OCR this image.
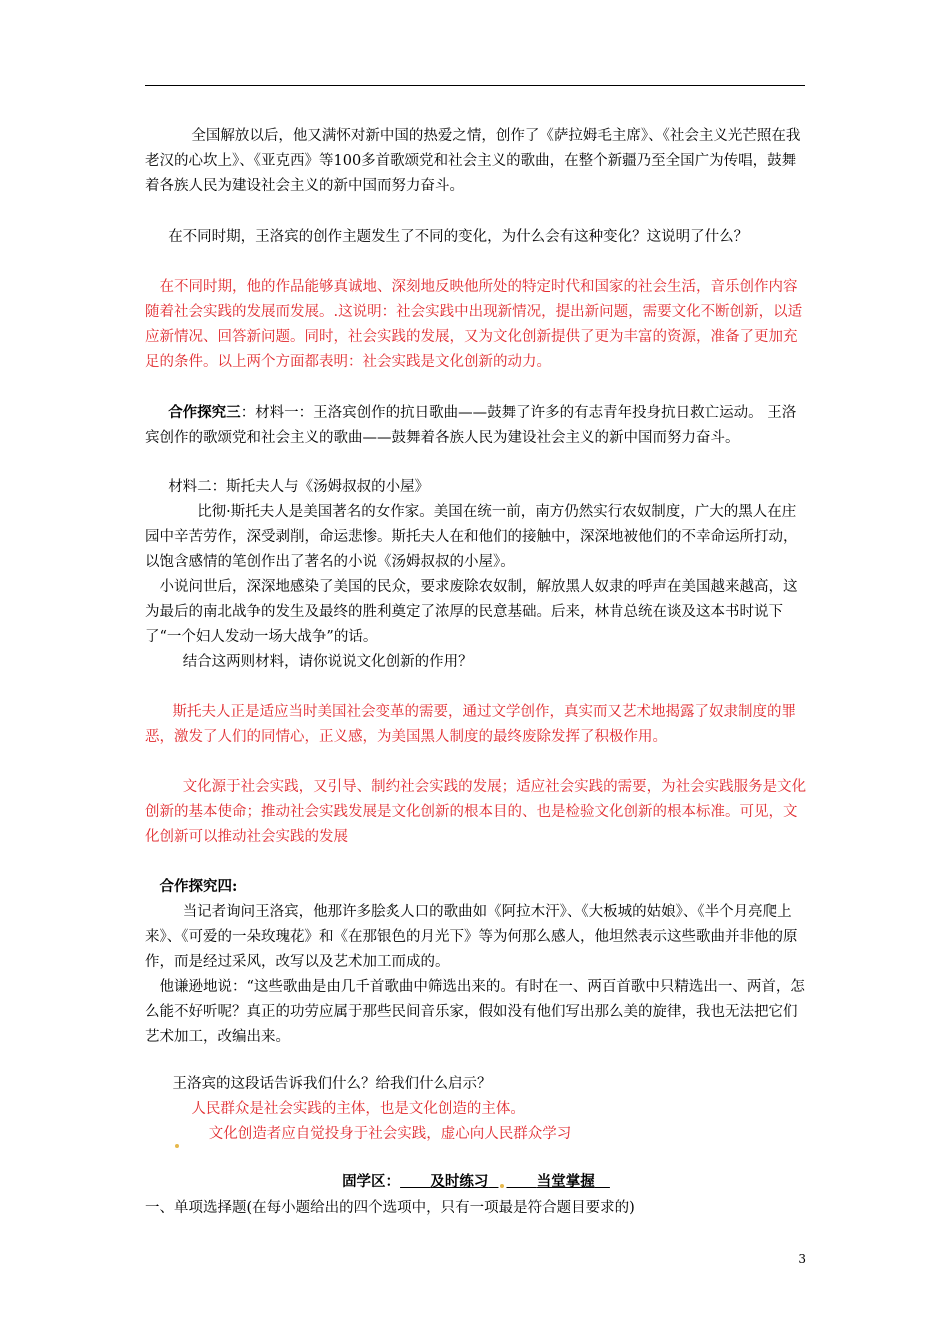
全国解放以后，他又满怀对新中国的热爱之情，创作了《萨拉姆毛主席》、《社会主义光芒照在我老汉的心坎上》、《亚克西》等100多首歌颂党和社会主义的歌曲，在整个新疆乃至全国广为传唱，鼓舞着各族人民为建设社会主义的新中国而努力奋斗。

在不同时期，王洛宾的创作主题发生了不同的变化，为什么会有这种变化？这说明了什么？

在不同时期，他的作品能够真诚地、深刻地反映他所处的特定时代和国家的社会生活，音乐创作内容随着社会实践的发展而发展。.这说明：社会实践中出现新情况，提出新问题，需要文化不断创新，以适应新情况、回答新问题。同时，社会实践的发展，又为文化创新提供了更为丰富的资源，准备了更加充足的条件。以上两个方面都表明：社会实践是文化创新的动力。

合作探究三：材料一：王洛宾创作的抗日歌曲——鼓舞了许多的有志青年投身抗日救亡运动。 王洛宾创作的歌颂党和社会主义的歌曲——鼓舞着各族人民为建设社会主义的新中国而努力奋斗。

材料二：斯托夫人与《汤姆叔叔的小屋》

比彻·斯托夫人是美国著名的女作家。美国在统一前，南方仍然实行农奴制度，广大的黑人在庄园中辛苦劳作，深受剥削，命运悲惨。斯托夫人在和他们的接触中，深深地被他们的不幸命运所打动，以饱含感情的笔创作出了著名的小说《汤姆叔叔的小屋》。

小说问世后，深深地感染了美国的民众，要求废除农奴制，解放黑人奴隶的呼声在美国越来越高，这为最后的南北战争的发生及最终的胜利奠定了浓厚的民意基础。后来，林肯总统在谈及这本书时说下了“一个妇人发动一场大战争”的话。

结合这两则材料，请你说说文化创新的作用？

斯托夫人正是适应当时美国社会变革的需要，通过文学创作，真实而又艺术地揭露了奴隶制度的罪恶，激发了人们的同情心，正义感，为美国黑人制度的最终废除发挥了积极作用。

文化源于社会实践，又引导、制约社会实践的发展；适应社会实践的需要，为社会实践服务是文化创新的基本使命；推动社会实践发展是文化创新的根本目的、也是检验文化创新的根本标准。可见，文化创新可以推动社会实践的发展

合作探究四:

当记者询问王洛宾，他那许多脍炙人口的歌曲如《阿拉木汗》、《大板城的姑娘》、《半个月亮爬上来》、《可爱的一朵玫瑰花》和《在那银色的月光下》等为何那么感人，他坦然表示这些歌曲并非他的原作，而是经过采风，改写以及艺术加工而成的。

他谦逊地说：“这些歌曲是由几千首歌曲中筛选出来的。有时在一、两百首歌中只精选出一、两首，怎么能不好听呢？真正的功劳应属于那些民间音乐家，假如没有他们写出那么美的旋律，我也无法把它们艺术加工，改编出来。

王洛宾的这段话告诉我们什么？给我们什么启示？

人民群众是社会实践的主体，也是文化创造的主体。

文化创造者应自觉投身于社会实践，虚心向人民群众学习

固学区： 及时练习	当堂掌握

一、单项选择题(在每小题给出的四个选项中，只有一项最是符合题目要求的)

3
